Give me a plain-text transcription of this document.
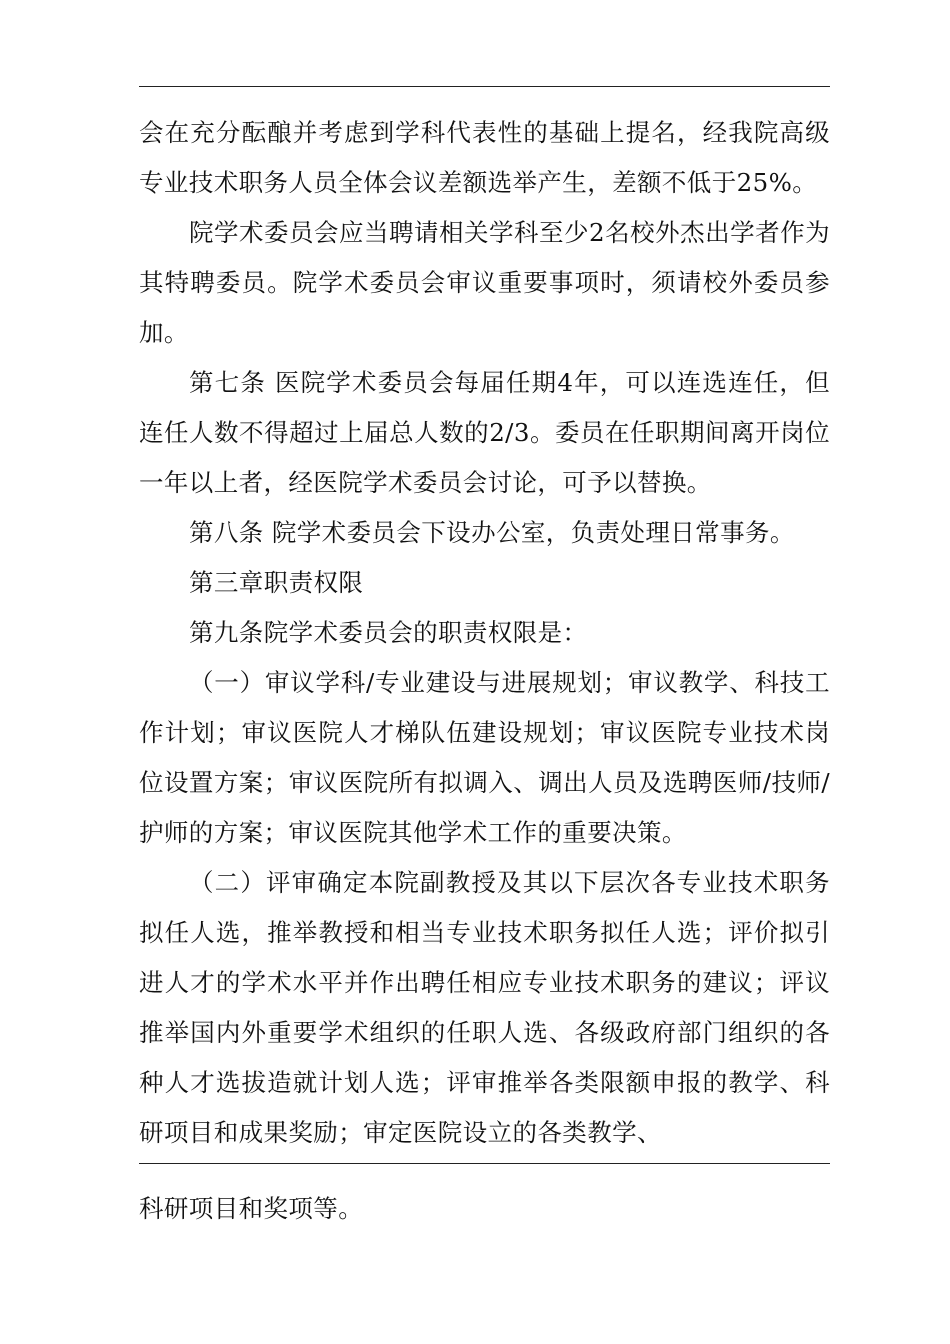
会在充分酝酿并考虑到学科代表性的基础上提名，经我院高级专业技术职务人员全体会议差额选举产生，差额不低于25%。

院学术委员会应当聘请相关学科至少2名校外杰出学者作为其特聘委员。院学术委员会审议重要事项时，须请校外委员参加。

第七条 医院学术委员会每届任期4年，可以连选连任，但连任人数不得超过上届总人数的2/3。委员在任职期间离开岗位一年以上者，经医院学术委员会讨论，可予以替换。

第八条 院学术委员会下设办公室，负责处理日常事务。

第三章职责权限

第九条院学术委员会的职责权限是：

（一）审议学科/专业建设与进展规划；审议教学、科技工作计划；审议医院人才梯队伍建设规划；审议医院专业技术岗位设置方案；审议医院所有拟调入、调出人员及选聘医师/技师/护师的方案；审议医院其他学术工作的重要决策。

（二）评审确定本院副教授及其以下层次各专业技术职务拟任人选，推举教授和相当专业技术职务拟任人选；评价拟引进人才的学术水平并作出聘任相应专业技术职务的建议；评议推举国内外重要学术组织的任职人选、各级政府部门组织的各种人才选拔造就计划人选；评审推举各类限额申报的教学、科研项目和成果奖励；审定医院设立的各类教学、

科研项目和奖项等。
